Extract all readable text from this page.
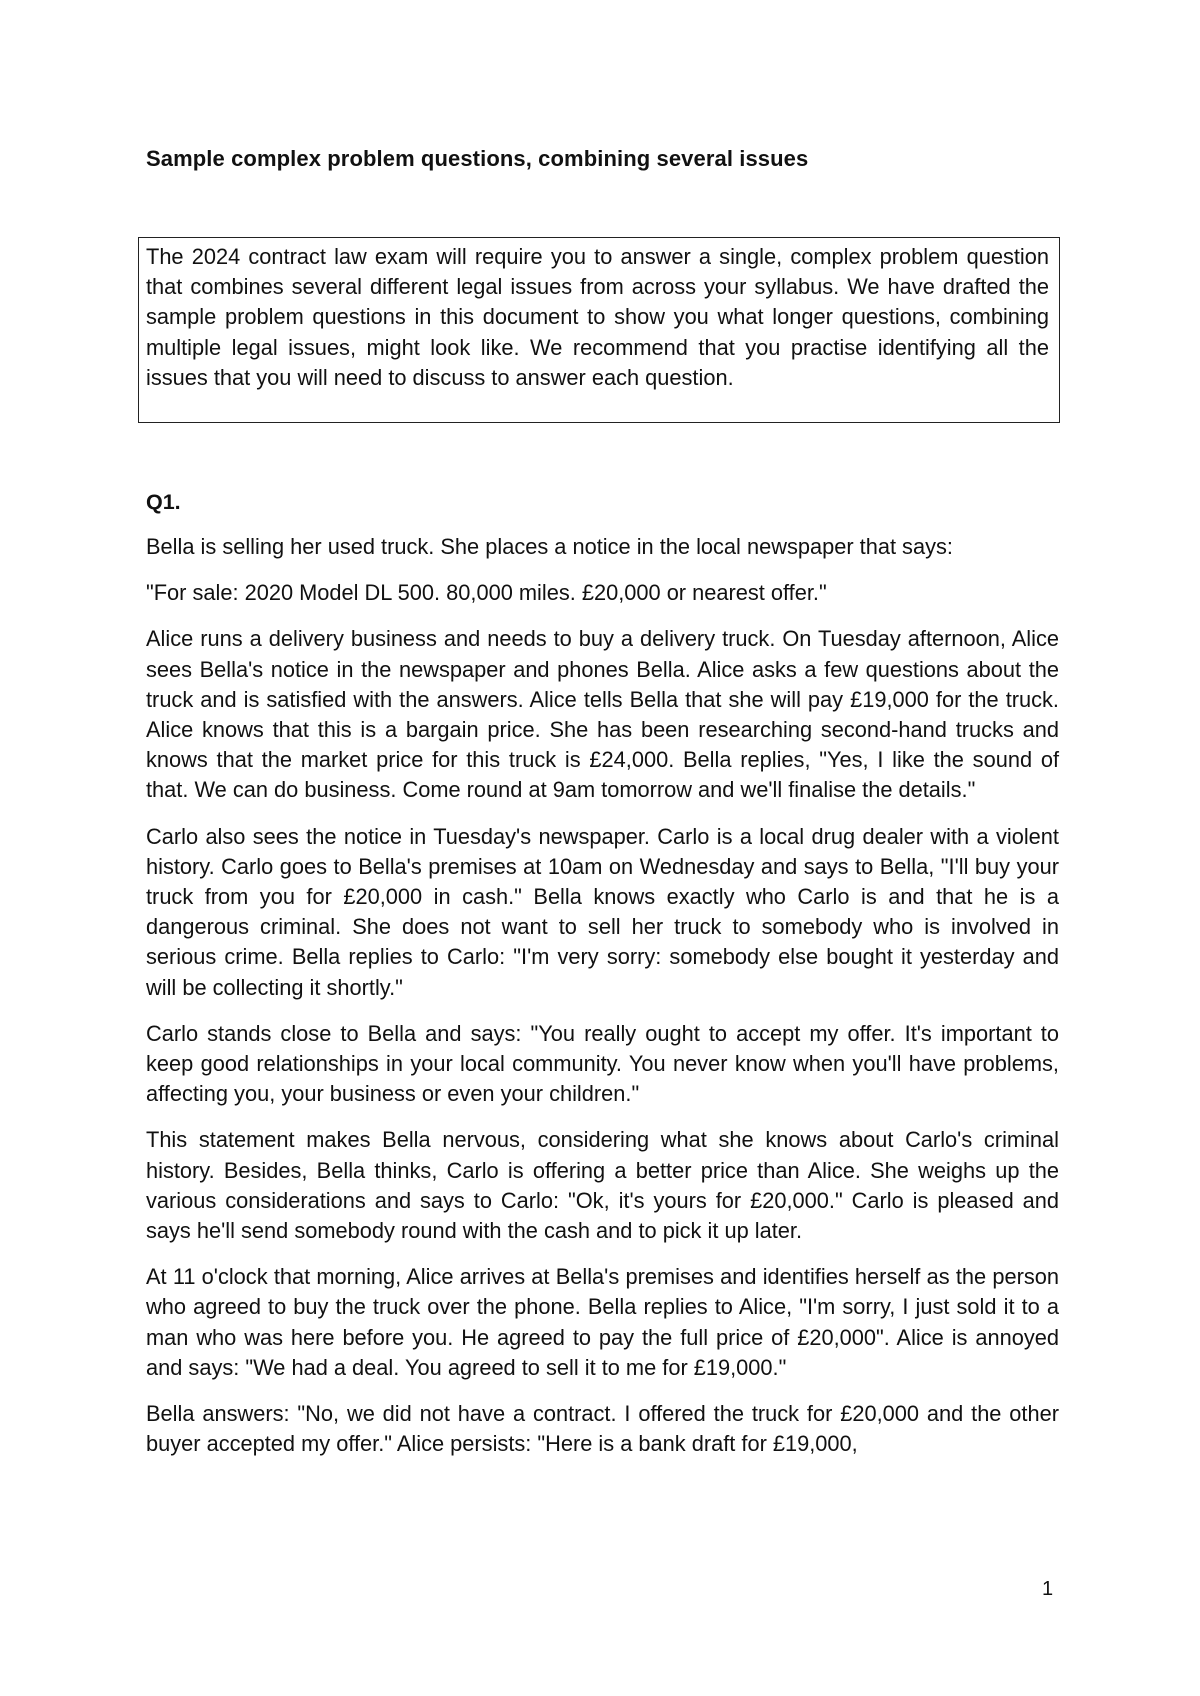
Sample complex problem questions, combining several issues

The 2024 contract law exam will require you to answer a single, complex problem question that combines several different legal issues from across your syllabus. We have drafted the sample problem questions in this document to show you what longer questions, combining multiple legal issues, might look like. We recommend that you practise identifying all the issues that you will need to discuss to answer each question.

Q1.

Bella is selling her used truck. She places a notice in the local newspaper that says:

"For sale: 2020 Model DL 500. 80,000 miles. £20,000 or nearest offer."

Alice runs a delivery business and needs to buy a delivery truck. On Tuesday afternoon, Alice sees Bella's notice in the newspaper and phones Bella. Alice asks a few questions about the truck and is satisfied with the answers. Alice tells Bella that she will pay £19,000 for the truck. Alice knows that this is a bargain price. She has been researching second-hand trucks and knows that the market price for this truck is £24,000. Bella replies, "Yes, I like the sound of that. We can do business. Come round at 9am tomorrow and we'll finalise the details."

Carlo also sees the notice in Tuesday's newspaper. Carlo is a local drug dealer with a violent history. Carlo goes to Bella's premises at 10am on Wednesday and says to Bella, "I'll buy your truck from you for £20,000 in cash." Bella knows exactly who Carlo is and that he is a dangerous criminal. She does not want to sell her truck to somebody who is involved in serious crime. Bella replies to Carlo: "I'm very sorry: somebody else bought it yesterday and will be collecting it shortly."

Carlo stands close to Bella and says: "You really ought to accept my offer. It's important to keep good relationships in your local community. You never know when you'll have problems, affecting you, your business or even your children."

This statement makes Bella nervous, considering what she knows about Carlo's criminal history. Besides, Bella thinks, Carlo is offering a better price than Alice. She weighs up the various considerations and says to Carlo: "Ok, it's yours for £20,000." Carlo is pleased and says he'll send somebody round with the cash and to pick it up later.

At 11 o'clock that morning, Alice arrives at Bella's premises and identifies herself as the person who agreed to buy the truck over the phone. Bella replies to Alice, "I'm sorry, I just sold it to a man who was here before you. He agreed to pay the full price of £20,000". Alice is annoyed and says: "We had a deal. You agreed to sell it to me for £19,000."

Bella answers: "No, we did not have a contract. I offered the truck for £20,000 and the other buyer accepted my offer." Alice persists: "Here is a bank draft for £19,000,

1
